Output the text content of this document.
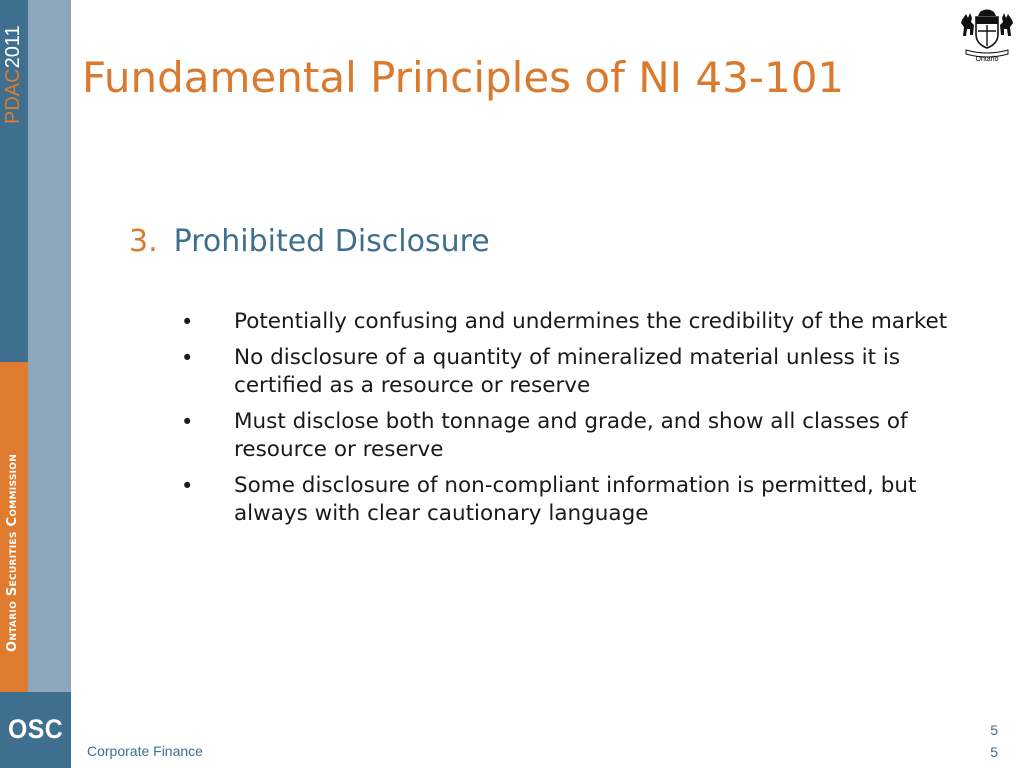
PDAC2011
Ontario Securities Commission
OSC
Fundamental Principles of NI 43-101	Ontario
3. Prohibited Disclosure
• Potentially confusing and undermines the credibility of the market
• No disclosure of a quantity of mineralized material unless it is certified as a resource or reserve
• Must disclose both tonnage and grade, and show all classes of resource or reserve
• Some disclosure of non-compliant information is permitted, but always with clear cautionary language
Corporate Finance
5
5
